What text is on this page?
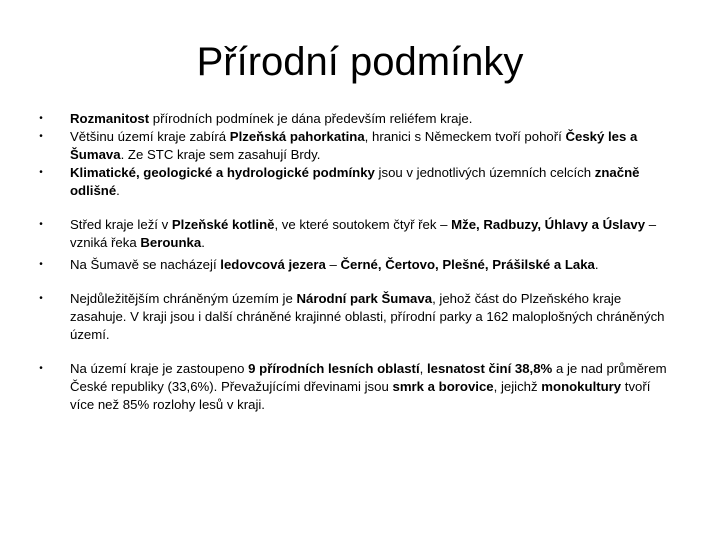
Přírodní podmínky
• Rozmanitost přírodních podmínek je dána především reliéfem kraje.
• Většinu území kraje zabírá Plzeňská pahorkatina, hranici s Německem tvoří pohoří Český les a Šumava. Ze STC kraje sem zasahují Brdy.
• Klimatické, geologické a hydrologické podmínky jsou v jednotlivých územních celcích značně odlišné.
• Střed kraje leží v Plzeňské kotlině, ve které soutokem čtyř řek – Mže, Radbuzy, Úhlavy a Úslavy – vzniká řeka Berounka.
• Na Šumavě se nacházejí ledovcová jezera – Černé, Čertovo, Plešné, Prášilské a Laka.
• Nejdůležitějším chráněným územím je Národní park Šumava, jehož část do Plzeňského kraje zasahuje. V kraji jsou i další chráněné krajinné oblasti, přírodní parky a 162 maloplošných chráněných území.
• Na území kraje je zastoupeno 9 přírodních lesních oblastí, lesnatost činí 38,8% a je nad průměrem České republiky (33,6%). Převažujícími dřevinami jsou smrk a borovice, jejichž monokultury tvoří více než 85% rozlohy lesů v kraji.
